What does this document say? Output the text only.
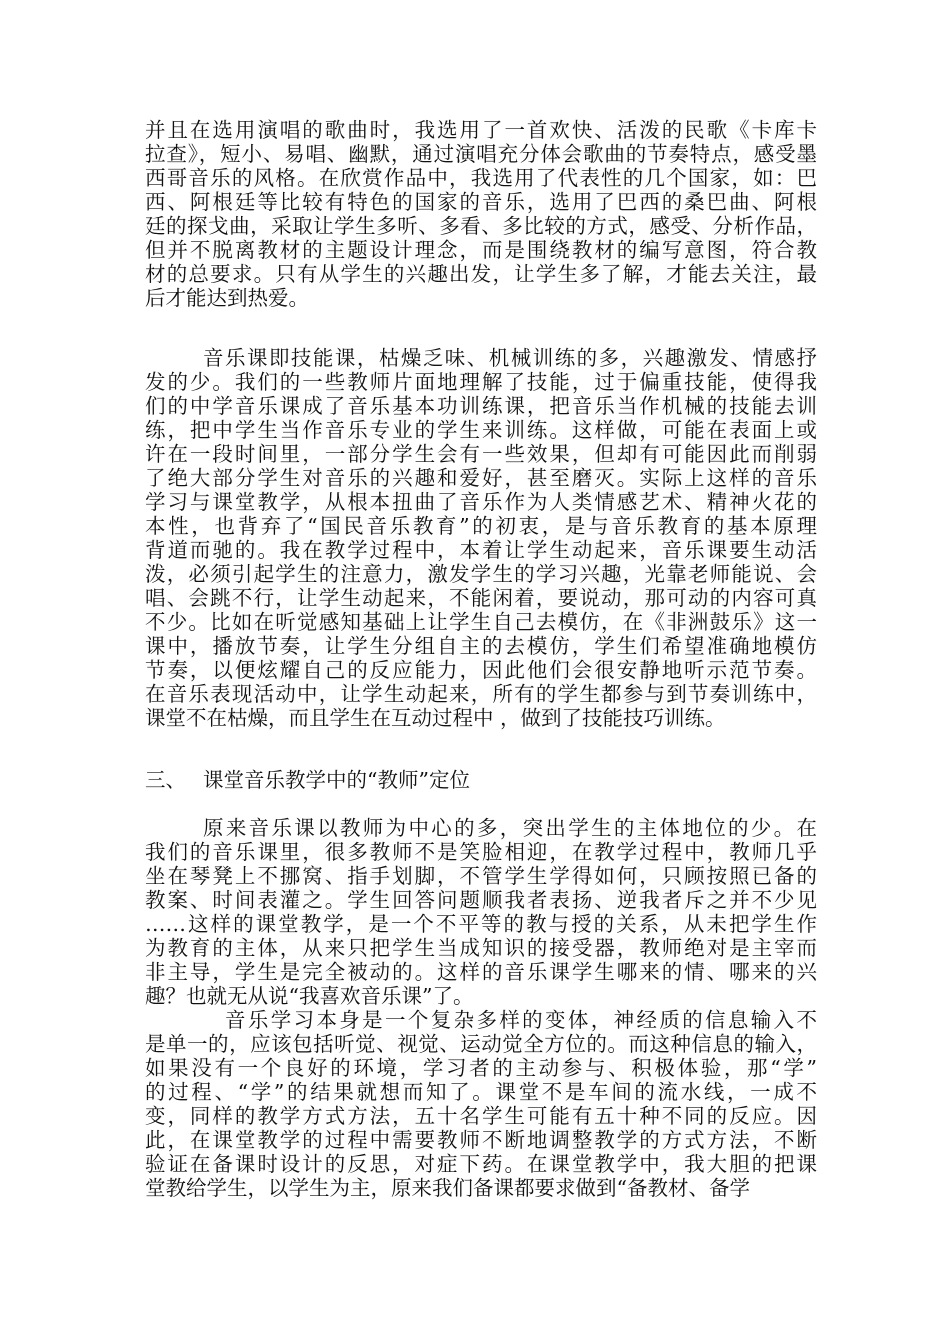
并且在选用演唱的歌曲时，我选用了一首欢快、活泼的民歌《卡库卡
拉查》，短小、易唱、幽默，通过演唱充分体会歌曲的节奏特点，感受墨
西哥音乐的风格。在欣赏作品中，我选用了代表性的几个国家，如：巴
西、阿根廷等比较有特色的国家的音乐，选用了巴西的桑巴曲、阿根
廷的探戈曲，采取让学生多听、多看、多比较的方式，感受、分析作品，
但并不脱离教材的主题设计理念，而是围绕教材的编写意图，符合教
材的总要求。只有从学生的兴趣出发，让学生多了解，才能去关注，最
后才能达到热爱。
音乐课即技能课，枯燥乏味、机械训练的多，兴趣激发、情感抒
发的少。我们的一些教师片面地理解了技能，过于偏重技能，使得我
们的中学音乐课成了音乐基本功训练课，把音乐当作机械的技能去训
练，把中学生当作音乐专业的学生来训练。这样做，可能在表面上或
许在一段时间里，一部分学生会有一些效果，但却有可能因此而削弱
了绝大部分学生对音乐的兴趣和爱好，甚至磨灭。实际上这样的音乐
学习与课堂教学，从根本扭曲了音乐作为人类情感艺术、精神火花的
本性，也背弃了“国民音乐教育”的初衷，是与音乐教育的基本原理
背道而驰的。我在教学过程中，本着让学生动起来，音乐课要生动活
泼，必须引起学生的注意力，激发学生的学习兴趣，光靠老师能说、会
唱、会跳不行，让学生动起来，不能闲着，要说动，那可动的内容可真
不少。比如在听觉感知基础上让学生自己去模仿，在《非洲鼓乐》这一
课中，播放节奏，让学生分组自主的去模仿，学生们希望准确地模仿
节奏，以便炫耀自己的反应能力，因此他们会很安静地听示范节奏。
在音乐表现活动中，让学生动起来，所有的学生都参与到节奏训练中，
课堂不在枯燥，而且学生在互动过程中 ，做到了技能技巧训练。
三、 课堂音乐教学中的“教师”定位
原来音乐课以教师为中心的多，突出学生的主体地位的少。在
我们的音乐课里，很多教师不是笑脸相迎，在教学过程中，教师几乎
坐在琴凳上不挪窝、指手划脚，不管学生学得如何，只顾按照已备的
教案、时间表灌之。学生回答问题顺我者表扬、逆我者斥之并不少见
……这样的课堂教学，是一个不平等的教与授的关系，从未把学生作
为教育的主体，从来只把学生当成知识的接受器，教师绝对是主宰而
非主导，学生是完全被动的。这样的音乐课学生哪来的情、哪来的兴
趣？也就无从说“我喜欢音乐课”了。
音乐学习本身是一个复杂多样的变体，神经质的信息输入不
是单一的，应该包括听觉、视觉、运动觉全方位的。而这种信息的输入，
如果没有一个良好的环境，学习者的主动参与、积极体验，那“学”
的过程、“学”的结果就想而知了。课堂不是车间的流水线，一成不
变，同样的教学方式方法，五十名学生可能有五十种不同的反应。因
此，在课堂教学的过程中需要教师不断地调整教学的方式方法，不断
验证在备课时设计的反思，对症下药。在课堂教学中，我大胆的把课
堂教给学生，以学生为主，原来我们备课都要求做到“备教材、备学
